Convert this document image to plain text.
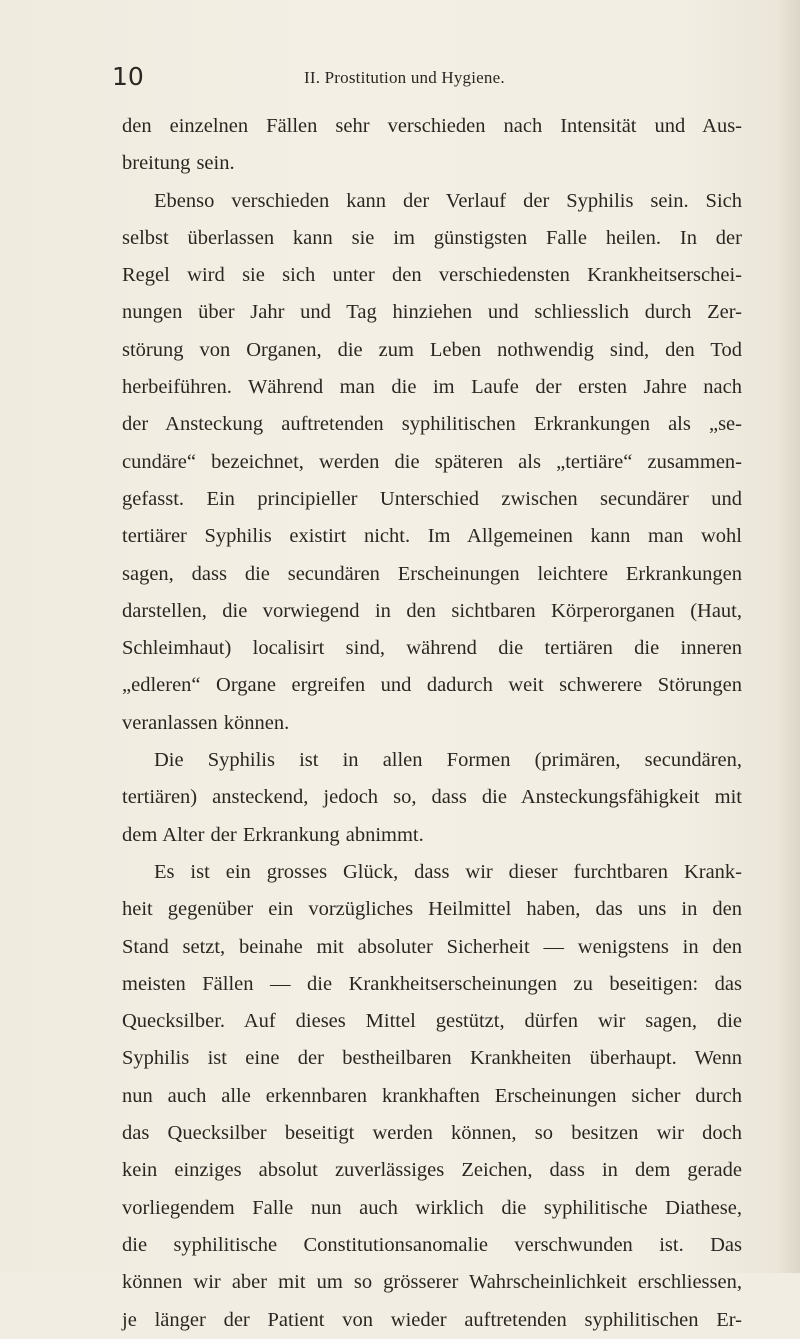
10	II. Prostitution und Hygiene.
den einzelnen Fällen sehr verschieden nach Intensität und Aus-
breitung sein.
Ebenso verschieden kann der Verlauf der Syphilis sein. Sich
selbst überlassen kann sie im günstigsten Falle heilen. In der
Regel wird sie sich unter den verschiedensten Krankheitserschei-
nungen über Jahr und Tag hinziehen und schliesslich durch Zer-
störung von Organen, die zum Leben nothwendig sind, den Tod
herbeiführen. Während man die im Laufe der ersten Jahre nach
der Ansteckung auftretenden syphilitischen Erkrankungen als „se-
cundäre“ bezeichnet, werden die späteren als „tertiäre“ zusammen-
gefasst. Ein principieller Unterschied zwischen secundärer und
tertiärer Syphilis existirt nicht. Im Allgemeinen kann man wohl
sagen, dass die secundären Erscheinungen leichtere Erkrankungen
darstellen, die vorwiegend in den sichtbaren Körperorganen (Haut,
Schleimhaut) localisirt sind, während die tertiären die inneren
„edleren“ Organe ergreifen und dadurch weit schwerere Störungen
veranlassen können.
Die Syphilis ist in allen Formen (primären, secundären,
tertiären) ansteckend, jedoch so, dass die Ansteckungsfähigkeit mit
dem Alter der Erkrankung abnimmt.
Es ist ein grosses Glück, dass wir dieser furchtbaren Krank-
heit gegenüber ein vorzügliches Heilmittel haben, das uns in den
Stand setzt, beinahe mit absoluter Sicherheit — wenigstens in den
meisten Fällen — die Krankheitserscheinungen zu beseitigen: das
Quecksilber. Auf dieses Mittel gestützt, dürfen wir sagen, die
Syphilis ist eine der bestheilbaren Krankheiten überhaupt. Wenn
nun auch alle erkennbaren krankhaften Erscheinungen sicher durch
das Quecksilber beseitigt werden können, so besitzen wir doch
kein einziges absolut zuverlässiges Zeichen, dass in dem gerade
vorliegendem Falle nun auch wirklich die syphilitische Diathese,
die syphilitische Constitutionsanomalie verschwunden ist. Das
können wir aber mit um so grösserer Wahrscheinlichkeit erschliessen,
je länger der Patient von wieder auftretenden syphilitischen Er-
